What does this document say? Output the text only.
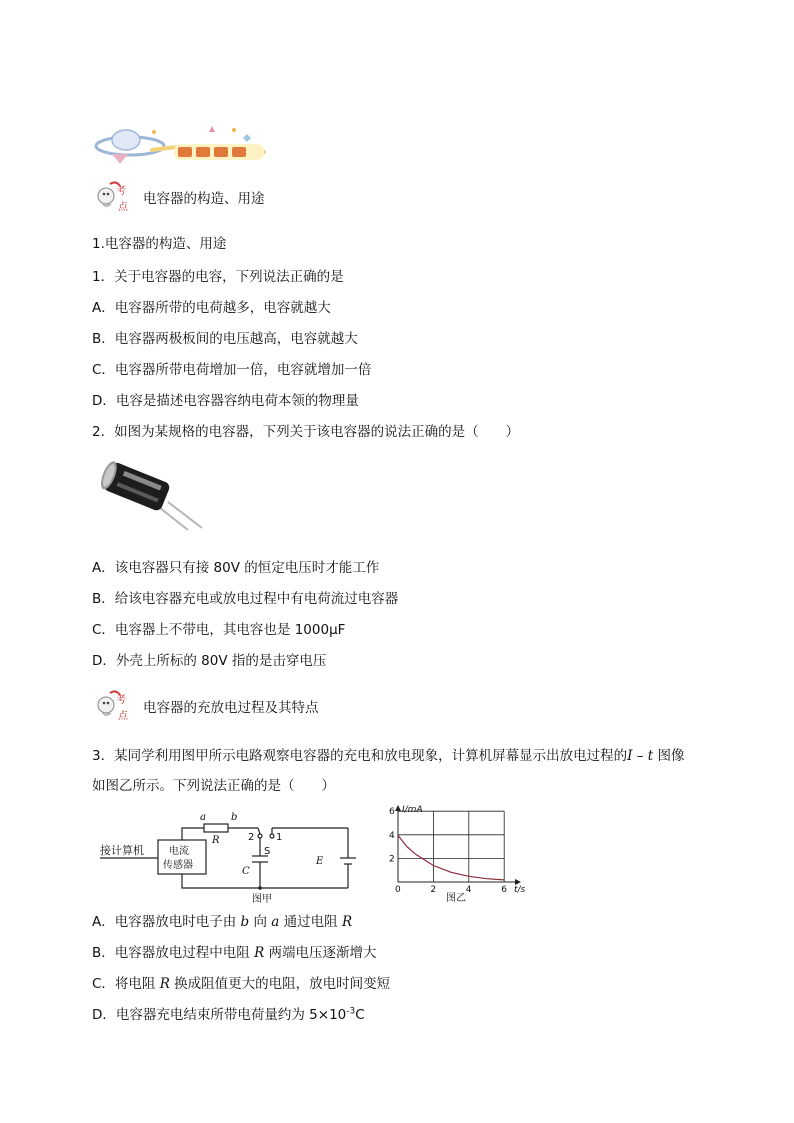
考
点
电容器的构造、用途
1.电容器的构造、用途
1．关于电容器的电容，下列说法正确的是
A．电容器所带的电荷越多，电容就越大
B．电容器两极板间的电压越高，电容就越大
C．电容器所带电荷增加一倍，电容就增加一倍
D．电容是描述电容器容纳电荷本领的物理量
2．如图为某规格的电容器，下列关于该电容器的说法正确的是（　　）
A．该电容器只有接 80V 的恒定电压时才能工作
B．给该电容器充电或放电过程中有电荷流过电容器
C．电容器上不带电，其电容也是 1000μF
D．外壳上所标的 80V 指的是击穿电压
考
点
电容器的充放电过程及其特点
3．某同学利用图甲所示电路观察电容器的充电和放电现象，计算机屏幕显示出放电过程的I – t 图像
如图乙所示。下列说法正确的是（　　）
接计算机	电流
传感器
a	b
R	2 1
S
C
E
图甲
6
4
2
0	2	4	6
I/mA
t/s
图乙
A．电容器放电时电子由 b 向 a 通过电阻 R
B．电容器放电过程中电阻 R 两端电压逐渐增大
C．将电阻 R 换成阻值更大的电阻，放电时间变短
D．电容器充电结束所带电荷量约为 $5\times 10^{-3}C$
